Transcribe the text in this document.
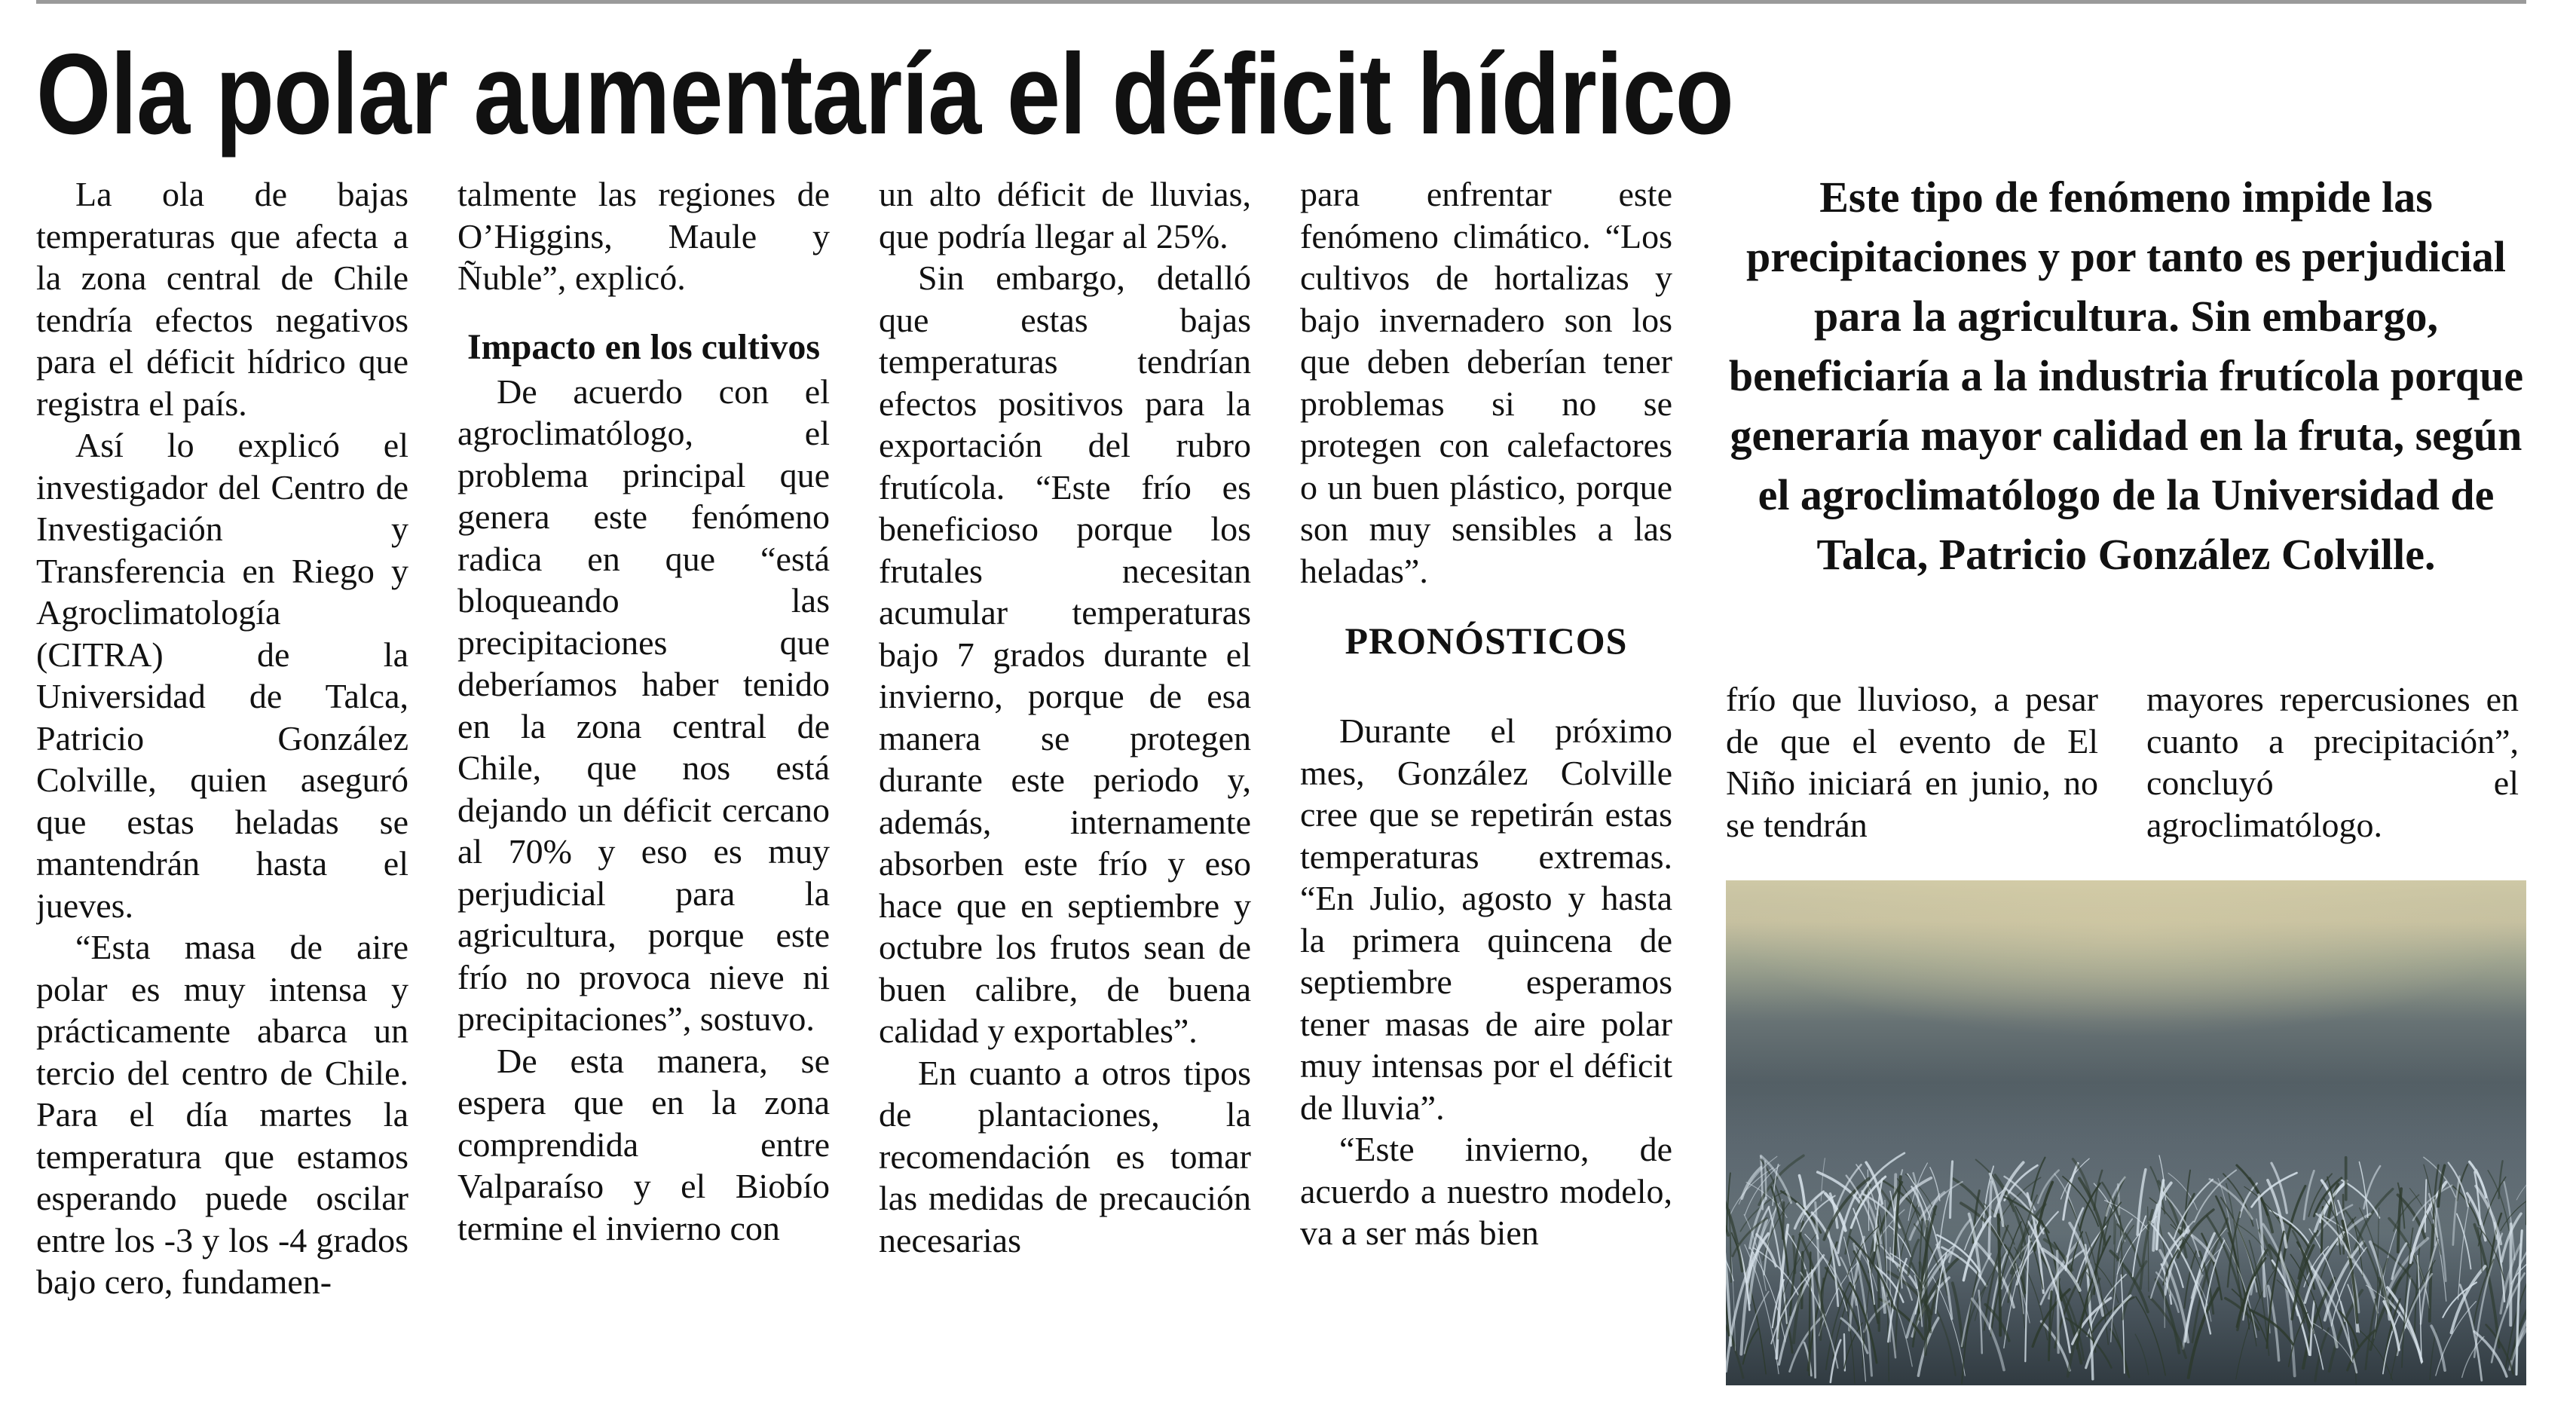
Ola polar aumentaría el déficit hídrico

La ola de bajas temperaturas que afecta a la zona central de Chile tendría efectos negativos para el déficit hídrico que registra el país.

Así lo explicó el investigador del Centro de Investigación y Transferencia en Riego y Agroclimatología (CITRA) de la Universidad de Talca, Patricio González Colville, quien aseguró que estas heladas se mantendrán hasta el jueves.

“Esta masa de aire polar es muy intensa y prácticamente abarca un tercio del centro de Chile. Para el día martes la temperatura que estamos esperando puede oscilar entre los -3 y los -4 grados bajo cero, fundamen-

talmente las regiones de O’Higgins, Maule y Ñuble”, explicó.

Impacto en los cultivos

De acuerdo con el agroclimatólogo, el problema principal que genera este fenómeno radica en que “está bloqueando las precipitaciones que deberíamos haber tenido en la zona central de Chile, que nos está dejando un déficit cercano al 70% y eso es muy perjudicial para la agricultura, porque este frío no provoca nieve ni precipitaciones”, sostuvo.

De esta manera, se espera que en la zona comprendida entre Valparaíso y el Biobío termine el invierno con

un alto déficit de lluvias, que podría llegar al 25%.

Sin embargo, detalló que estas bajas temperaturas tendrían efectos positivos para la exportación del rubro frutícola. “Este frío es beneficioso porque los frutales necesitan acumular temperaturas bajo 7 grados durante el invierno, porque de esa manera se protegen durante este periodo y, además, internamente absorben este frío y eso hace que en septiembre y octubre los frutos sean de buen calibre, de buena calidad y exportables”.

En cuanto a otros tipos de plantaciones, la recomendación es tomar las medidas de precaución necesarias

para enfrentar este fenómeno climático. “Los cultivos de hortalizas y bajo invernadero son los que deben deberían tener problemas si no se protegen con calefactores o un buen plástico, porque son muy sensibles a las heladas”.

PRONÓSTICOS

Durante el próximo mes, González Colville cree que se repetirán estas temperaturas extremas. “En Julio, agosto y hasta la primera quincena de septiembre esperamos tener masas de aire polar muy intensas por el déficit de lluvia”.

“Este invierno, de acuerdo a nuestro modelo, va a ser más bien

Este tipo de fenómeno impide las precipitaciones y por tanto es perjudicial para la agricultura. Sin embargo, beneficiaría a la industria frutícola porque generaría mayor calidad en la fruta, según el agroclimatólogo de la Universidad de Talca, Patricio González Colville.

frío que lluvioso, a pesar de que el evento de El Niño iniciará en junio, no se tendrán

mayores repercusiones en cuanto a precipitación”, concluyó el agroclimatólogo.
